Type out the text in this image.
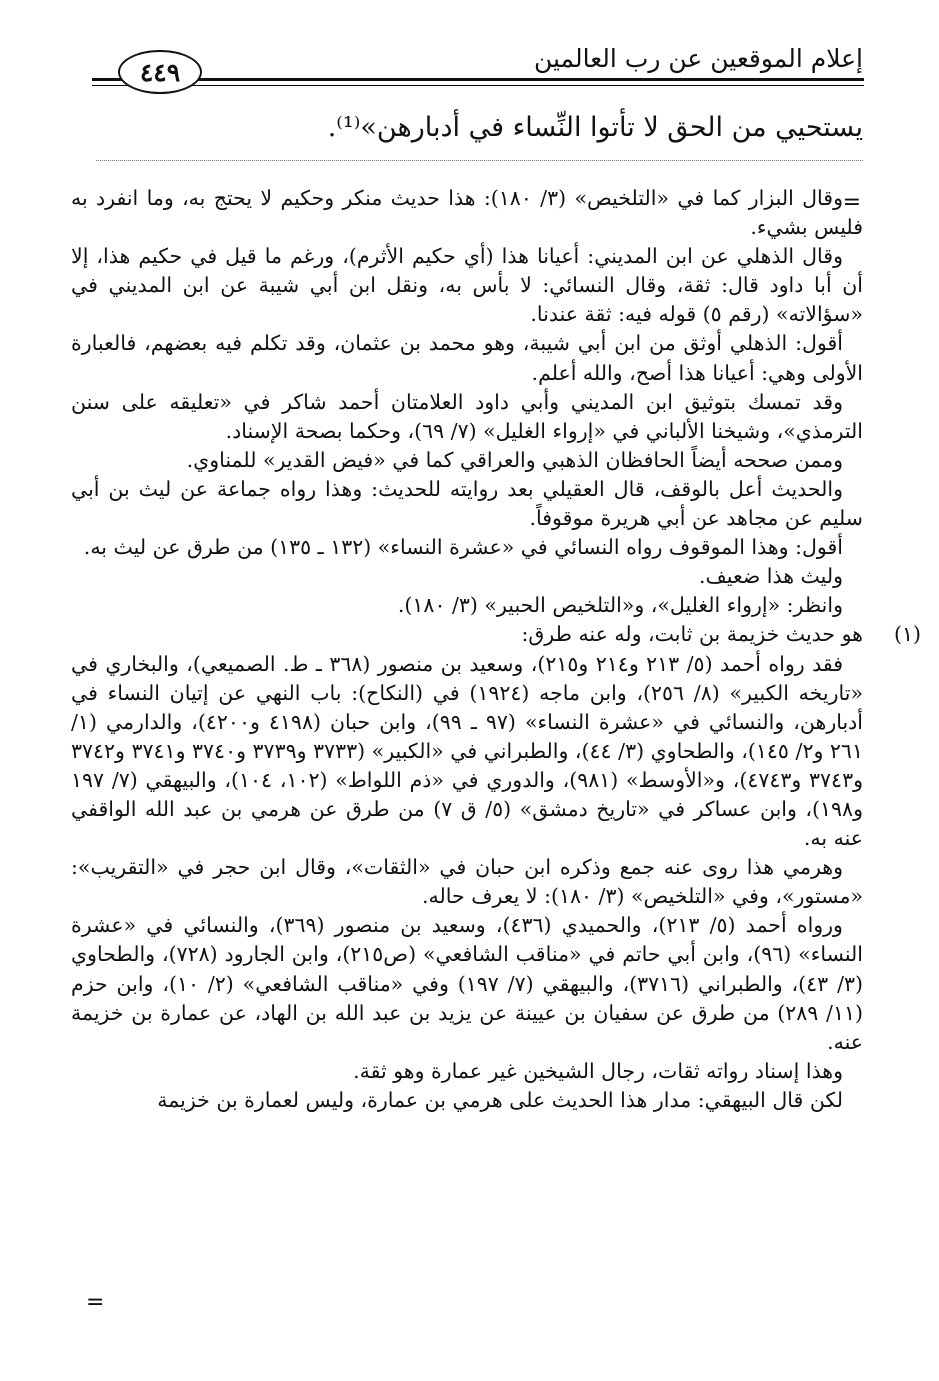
إعلام الموقعين عن رب العالمين
٤٤٩

يستحيي من الحق لا تأتوا النِّساء في أدبارهن»⁽¹⁾.

=

وقال البزار كما في «التلخيص» (٣/ ١٨٠): هذا حديث منكر وحكيم لا يحتج به، وما انفرد به فليس بشيء.

وقال الذهلي عن ابن المديني: أعيانا هذا (أي حكيم الأثرم)، ورغم ما قيل في حكيم هذا، إلا أن أبا داود قال: ثقة، وقال النسائي: لا بأس به، ونقل ابن أبي شيبة عن ابن المديني في «سؤالاته» (رقم ٥) قوله فيه: ثقة عندنا.

أقول: الذهلي أوثق من ابن أبي شيبة، وهو محمد بن عثمان، وقد تكلم فيه بعضهم، فالعبارة الأولى وهي: أعيانا هذا أصح، والله أعلم.

وقد تمسك بتوثيق ابن المديني وأبي داود العلامتان أحمد شاكر في «تعليقه على سنن الترمذي»، وشيخنا الألباني في «إرواء الغليل» (٧/ ٦٩)، وحكما بصحة الإسناد.

وممن صححه أيضاً الحافظان الذهبي والعراقي كما في «فيض القدير» للمناوي.

والحديث أعل بالوقف، قال العقيلي بعد روايته للحديث: وهذا رواه جماعة عن ليث بن أبي سليم عن مجاهد عن أبي هريرة موقوفاً.

أقول: وهذا الموقوف رواه النسائي في «عشرة النساء» (١٣٢ ـ ١٣٥) من طرق عن ليث به.

وليث هذا ضعيف.

وانظر: «إرواء الغليل»، و«التلخيص الحبير» (٣/ ١٨٠).

(١)
هو حديث خزيمة بن ثابت، وله عنه طرق:

فقد رواه أحمد (٥/ ٢١٣ و٢١٤ و٢١٥)، وسعيد بن منصور (٣٦٨ ـ ط. الصميعي)، والبخاري في «تاريخه الكبير» (٨/ ٢٥٦)، وابن ماجه (١٩٢٤) في (النكاح): باب النهي عن إتيان النساء في أدبارهن، والنسائي في «عشرة النساء» (٩٧ ـ ٩٩)، وابن حبان (٤١٩٨ و٤٢٠٠)، والدارمي (١/ ٢٦١ و٢/ ١٤٥)، والطحاوي (٣/ ٤٤)، والطبراني في «الكبير» (٣٧٣٣ و٣٧٣٩ و٣٧٤٠ و٣٧٤١ و٣٧٤٢ و٣٧٤٣ و٤٧٤٣)، و«الأوسط» (٩٨١)، والدوري في «ذم اللواط» (١٠٢، ١٠٤)، والبيهقي (٧/ ١٩٧ و١٩٨)، وابن عساكر في «تاريخ دمشق» (٥/ ق ٧) من طرق عن هرمي بن عبد الله الواقفي عنه به.

وهرمي هذا روى عنه جمع وذكره ابن حبان في «الثقات»، وقال ابن حجر في «التقريب»: «مستور»، وفي «التلخيص» (٣/ ١٨٠): لا يعرف حاله.

ورواه أحمد (٥/ ٢١٣)، والحميدي (٤٣٦)، وسعيد بن منصور (٣٦٩)، والنسائي في «عشرة النساء» (٩٦)، وابن أبي حاتم في «مناقب الشافعي» (ص٢١٥)، وابن الجارود (٧٢٨)، والطحاوي (٣/ ٤٣)، والطبراني (٣٧١٦)، والبيهقي (٧/ ١٩٧) وفي «مناقب الشافعي» (٢/ ١٠)، وابن حزم (١١/ ٢٨٩) من طرق عن سفيان بن عيينة عن يزيد بن عبد الله بن الهاد، عن عمارة بن خزيمة عنه.

وهذا إسناد رواته ثقات، رجال الشيخين غير عمارة وهو ثقة.

لكن قال البيهقي: مدار هذا الحديث على هرمي بن عمارة، وليس لعمارة بن خزيمة

=
